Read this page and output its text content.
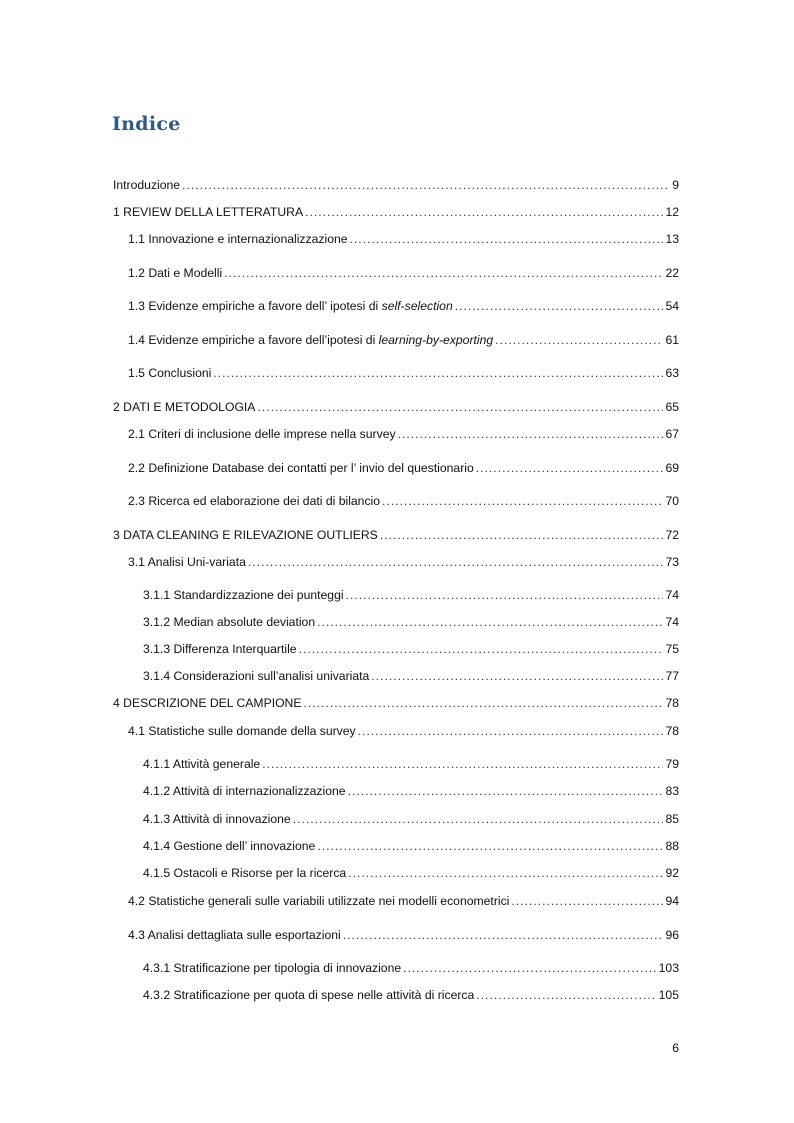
Indice
Introduzione .....	9
1 REVIEW DELLA LETTERATURA .....	12
1.1 Innovazione e internazionalizzazione .....	13
1.2 Dati e Modelli .....	22
1.3 Evidenze empiriche a favore dell’ ipotesi di self-selection .....	54
1.4 Evidenze empiriche a favore dell’ipotesi di learning-by-exporting .....	61
1.5 Conclusioni .....	63
2 DATI E METODOLOGIA .....	65
2.1 Criteri di inclusione delle imprese nella survey .....	67
2.2 Definizione Database dei contatti per l’ invio del questionario .....	69
2.3 Ricerca ed elaborazione dei dati di bilancio .....	70
3 DATA CLEANING E RILEVAZIONE OUTLIERS .....	72
3.1 Analisi Uni-variata .....	73
3.1.1 Standardizzazione dei punteggi .....	74
3.1.2 Median absolute deviation .....	74
3.1.3 Differenza Interquartile .....	75
3.1.4 Considerazioni sull’analisi univariata .....	77
4 DESCRIZIONE DEL CAMPIONE .....	78
4.1 Statistiche sulle domande della survey .....	78
4.1.1 Attività generale .....	79
4.1.2 Attività di internazionalizzazione .....	83
4.1.3 Attività di innovazione .....	85
4.1.4 Gestione dell’ innovazione .....	88
4.1.5 Ostacoli e Risorse per la ricerca .....	92
4.2 Statistiche generali sulle variabili utilizzate nei modelli econometrici .....	94
4.3 Analisi dettagliata sulle esportazioni .....	96
4.3.1 Stratificazione per tipologia di innovazione .....	103
4.3.2 Stratificazione per quota di spese nelle attività di ricerca .....	105
6
